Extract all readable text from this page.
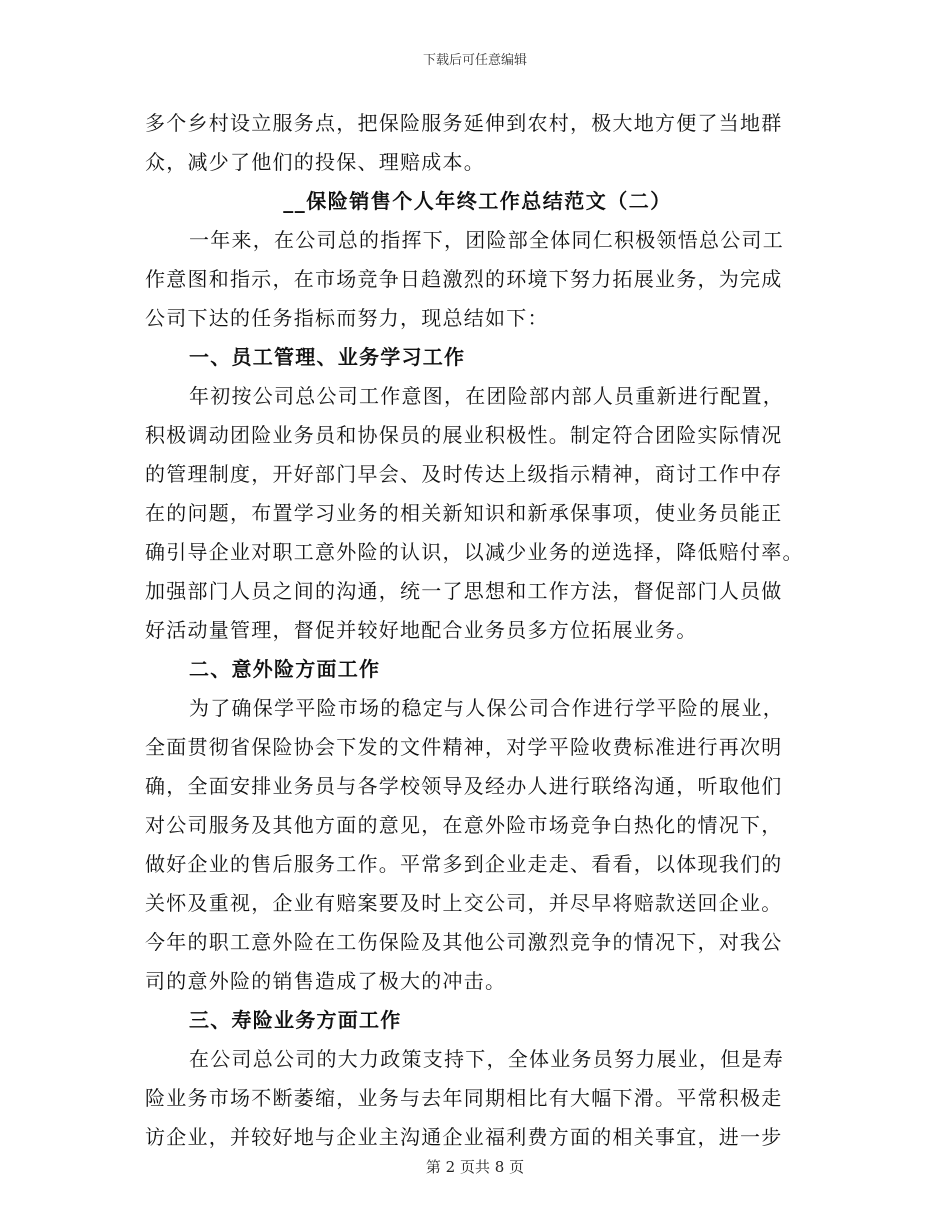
下载后可任意编辑
多个乡村设立服务点，把保险服务延伸到农村，极大地方便了当地群
众，减少了他们的投保、理赔成本。
__保险销售个人年终工作总结范文（二）
一年来，在公司总的指挥下，团险部全体同仁积极领悟总公司工
作意图和指示，在市场竞争日趋激烈的环境下努力拓展业务，为完成
公司下达的任务指标而努力，现总结如下：
一、员工管理、业务学习工作
年初按公司总公司工作意图，在团险部内部人员重新进行配置，
积极调动团险业务员和协保员的展业积极性。制定符合团险实际情况
的管理制度，开好部门早会、及时传达上级指示精神，商讨工作中存
在的问题，布置学习业务的相关新知识和新承保事项，使业务员能正
确引导企业对职工意外险的认识，以减少业务的逆选择，降低赔付率。
加强部门人员之间的沟通，统一了思想和工作方法，督促部门人员做
好活动量管理，督促并较好地配合业务员多方位拓展业务。
二、意外险方面工作
为了确保学平险市场的稳定与人保公司合作进行学平险的展业，
全面贯彻省保险协会下发的文件精神，对学平险收费标准进行再次明
确，全面安排业务员与各学校领导及经办人进行联络沟通，听取他们
对公司服务及其他方面的意见，在意外险市场竞争白热化的情况下，
做好企业的售后服务工作。平常多到企业走走、看看，以体现我们的
关怀及重视，企业有赔案要及时上交公司，并尽早将赔款送回企业。
今年的职工意外险在工伤保险及其他公司激烈竞争的情况下，对我公
司的意外险的销售造成了极大的冲击。
三、寿险业务方面工作
在公司总公司的大力政策支持下，全体业务员努力展业，但是寿
险业务市场不断萎缩，业务与去年同期相比有大幅下滑。平常积极走
访企业，并较好地与企业主沟通企业福利费方面的相关事宜，进一步
第 2 页共 8 页
